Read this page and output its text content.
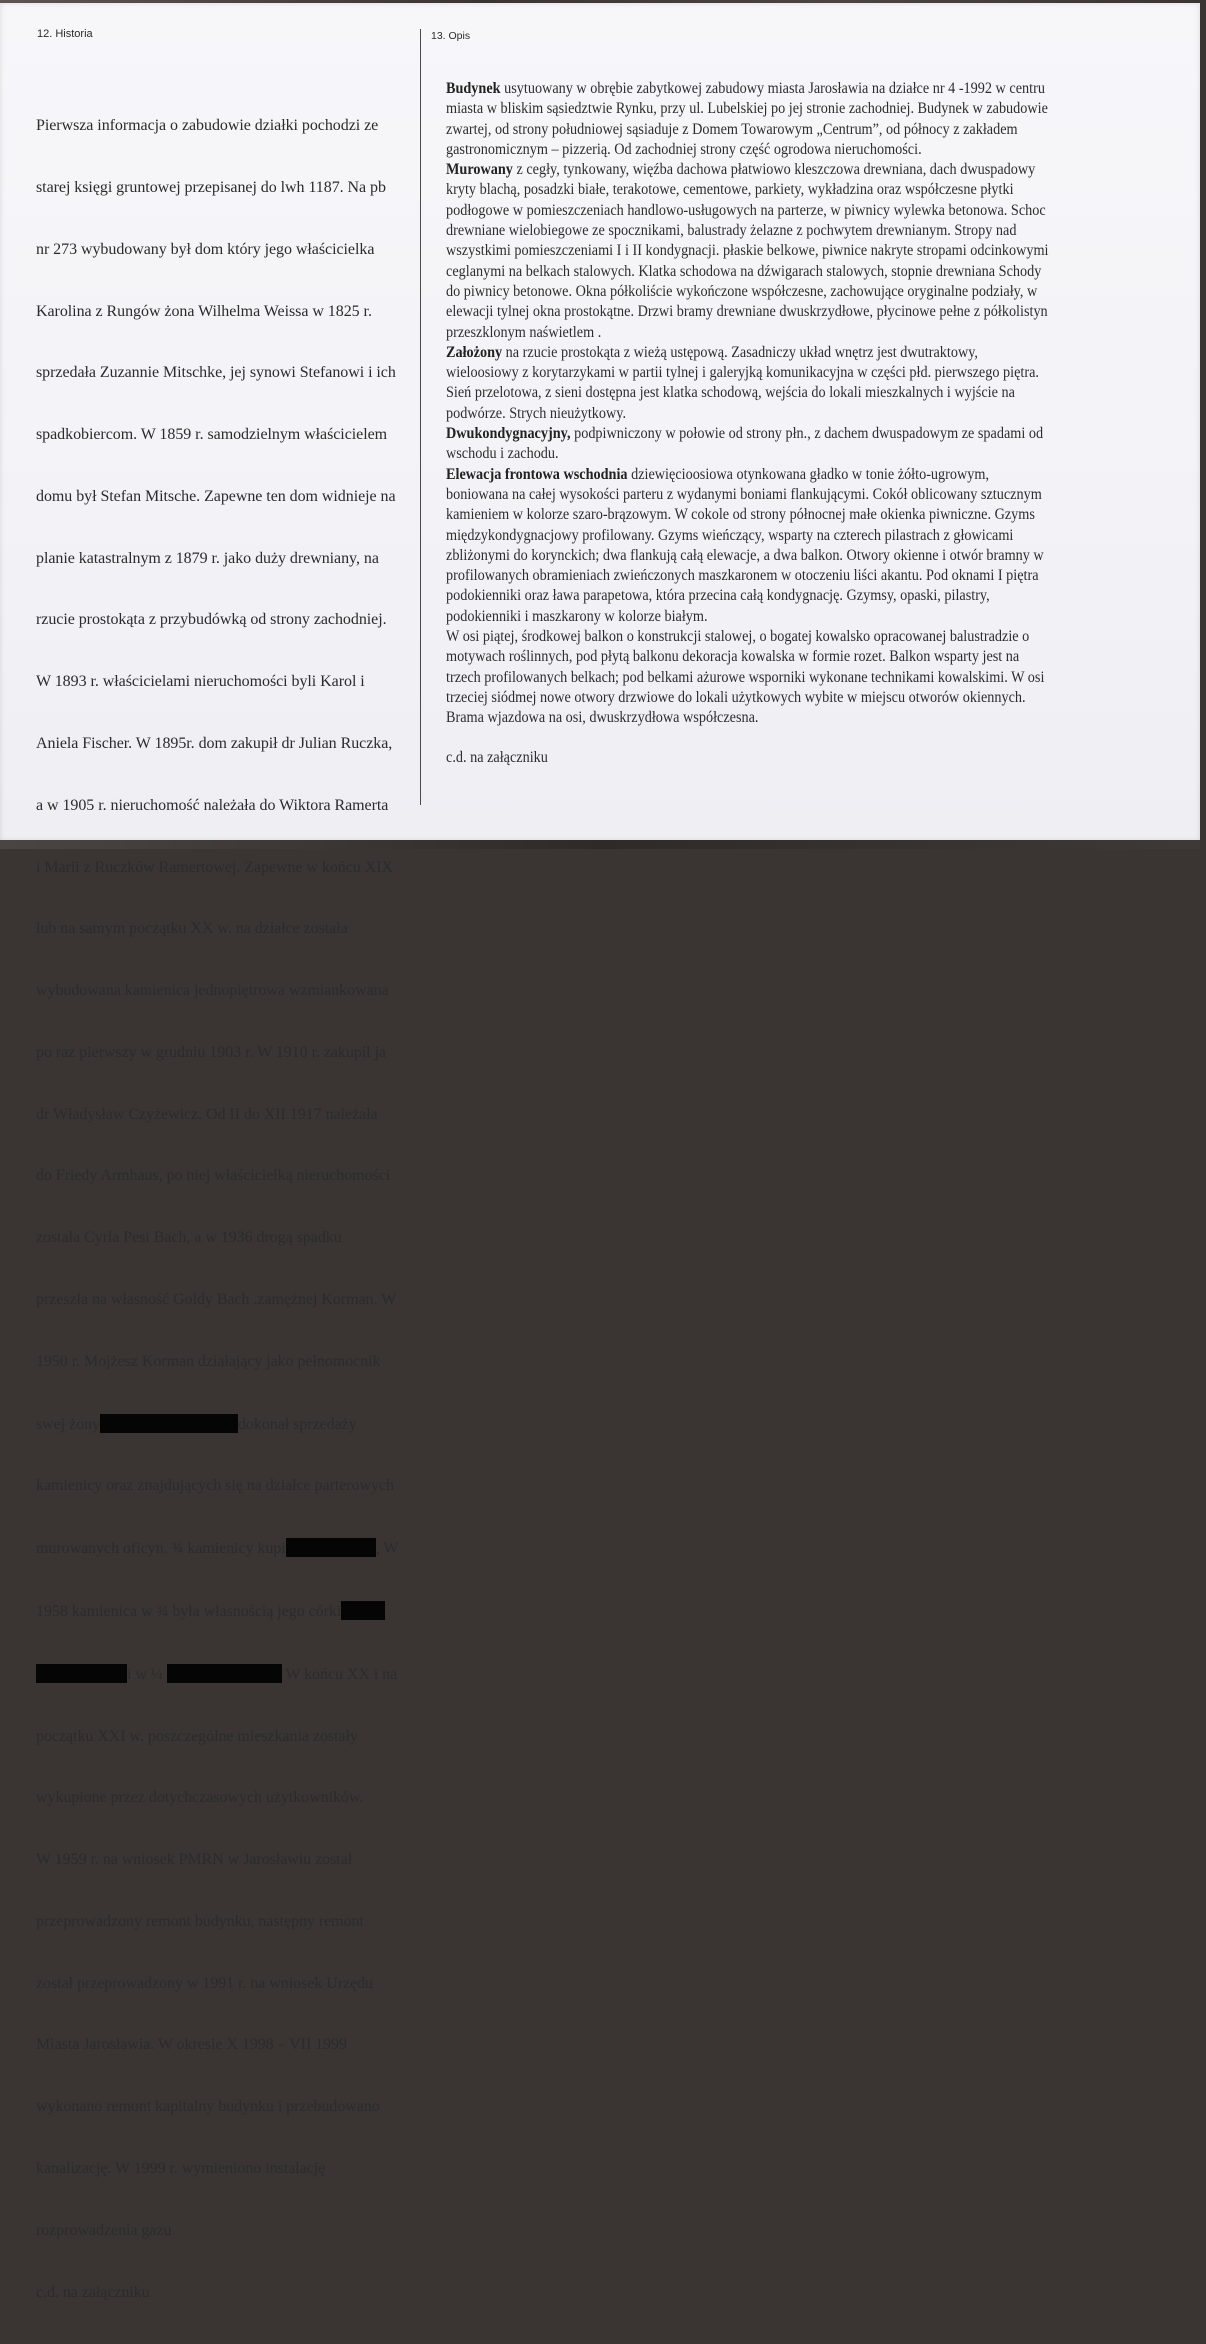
12. Historia

Pierwsza informacja o zabudowie działki pochodzi ze

starej księgi gruntowej przepisanej do lwh 1187. Na pb

nr 273 wybudowany był dom który jego właścicielka

Karolina z Rungów żona Wilhelma Weissa w 1825 r.

sprzedała Zuzannie Mitschke, jej synowi Stefanowi i ich

spadkobiercom. W 1859 r. samodzielnym właścicielem

domu był Stefan Mitsche. Zapewne ten dom widnieje na

planie katastralnym z 1879 r. jako duży drewniany, na

rzucie prostokąta z przybudówką od strony zachodniej.

W 1893 r. właścicielami nieruchomości byli Karol i

Aniela Fischer. W 1895r. dom zakupił dr Julian Ruczka,

a w 1905 r. nieruchomość należała do Wiktora Ramerta

i Marii z Ruczków Ramertowej. Zapewne w końcu XIX

lub na samym początku XX w. na działce została

wybudowana kamienica jednopiętrowa wzmiankowana

po raz pierwszy w grudniu 1903 r. W 1910 r. zakupił ja

dr Władysław Czyżewicz. Od II do XII 1917 należała

do Friedy Armhaus, po niej właścicielką nieruchomości

została Cyrla Pesi Bach, a w 1936 drogą spadku

przeszła na własność Goldy Bach .zamężnej Korman. W

1950 r. Mojżesz Korman działający jako pełnomocnik

swej żony	dokonał sprzedaży

kamienicy oraz znajdujących się na działce parterowych

murowanych oficyn. ¾ kamienicy kupi	, W

1958 kamienica w ¾ była własnością jego córki

i w ¼	W końcu XX i na

początku XXI w. poszczególne mieszkania zostały

wykupione przez dotychczasowych użytkowników.

W 1959 r. na wniosek PMRN w Jarosławiu został

przeprowadzony remont budynku, następny remont

został przeprowadzony w 1991 r. na wniosek Urzędu

Miasta Jarosławia. W okresie X 1998 – VII 1999

wykonano remont kapitalny budynku i przebudowano

kanalizację. W 1999 r. wymieniono instalację

rozprowadzenia gazu

c.d. na załączniku

13. Opis
Budynek usytuowany w obrębie zabytkowej zabudowy miasta Jarosławia na działce nr 4 -1992 w centru
miasta w bliskim sąsiedztwie Rynku, przy ul. Lubelskiej po jej stronie zachodniej. Budynek w zabudowie
zwartej, od strony południowej sąsiaduje z Domem Towarowym „Centrum”, od północy z zakładem
gastronomicznym – pizzerią. Od zachodniej strony część ogrodowa nieruchomości.
Murowany z cegły, tynkowany, więźba dachowa płatwiowo kleszczowa drewniana, dach dwuspadowy
kryty blachą, posadzki białe, terakotowe, cementowe, parkiety, wykładzina oraz współczesne płytki
podłogowe w pomieszczeniach handlowo-usługowych na parterze, w piwnicy wylewka betonowa. Schoc
drewniane wielobiegowe ze spocznikami, balustrady żelazne z pochwytem drewnianym. Stropy nad
wszystkimi pomieszczeniami I i II kondygnacji. płaskie belkowe, piwnice nakryte stropami odcinkowymi
ceglanymi na belkach stalowych. Klatka schodowa na dźwigarach stalowych, stopnie drewniana Schody
do piwnicy betonowe. Okna półkoliście wykończone współczesne, zachowujące oryginalne podziały, w
elewacji tylnej okna prostokątne. Drzwi bramy drewniane dwuskrzydłowe, płycinowe pełne z półkolistyn
przeszklonym naświetlem .
Założony na rzucie prostokąta z wieżą ustępową. Zasadniczy układ wnętrz jest dwutraktowy,
wieloosiowy z korytarzykami w partii tylnej i galeryjką komunikacyjna w części płd. pierwszego piętra.
Sień przelotowa, z sieni dostępna jest klatka schodową, wejścia do lokali mieszkalnych i wyjście na
podwórze. Strych nieużytkowy.
Dwukondygnacyjny, podpiwniczony w połowie od strony płn., z dachem dwuspadowym ze spadami od
wschodu i zachodu.
Elewacja frontowa wschodnia dziewięcioosiowa otynkowana gładko w tonie żółto-ugrowym,
boniowana na całej wysokości parteru z wydanymi boniami flankującymi. Cokół oblicowany sztucznym
kamieniem w kolorze szaro-brązowym. W cokole od strony północnej małe okienka piwniczne. Gzyms
międzykondygnacjowy profilowany. Gzyms wieńczący, wsparty na czterech pilastrach z głowicami
zbliżonymi do korynckich; dwa flankują całą elewacje, a dwa balkon. Otwory okienne i otwór bramny w
profilowanych obramieniach zwieńczonych maszkaronem w otoczeniu liści akantu. Pod oknami I piętra
podokienniki oraz ława parapetowa, która przecina całą kondygnację. Gzymsy, opaski, pilastry,
podokienniki i maszkarony w kolorze białym.
W osi piątej, środkowej balkon o konstrukcji stalowej, o bogatej kowalsko opracowanej balustradzie o
motywach roślinnych, pod płytą balkonu dekoracja kowalska w formie rozet. Balkon wsparty jest na
trzech profilowanych belkach; pod belkami ażurowe wsporniki wykonane technikami kowalskimi. W osi
trzeciej siódmej nowe otwory drzwiowe do lokali użytkowych wybite w miejscu otworów okiennych.
Brama wjazdowa na osi, dwuskrzydłowa współczesna.
c.d. na załączniku
